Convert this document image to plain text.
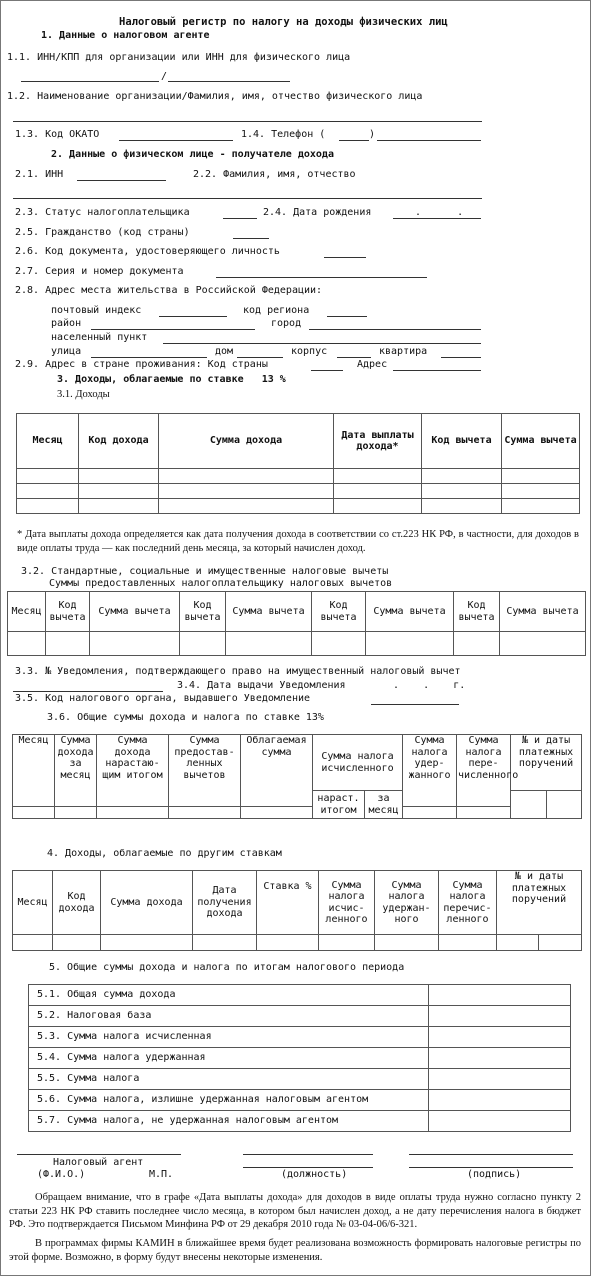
Налоговый регистр по налогу на доходы физических лиц
1. Данные о налоговом агенте
1.1. ИНН/КПП для организации или ИНН для физического лица
/
1.2. Наименование организации/Фамилия, имя, отчество физического лица
1.3. Код ОКАТО	1.4. Телефон (	)
2. Данные о физическом лице - получателе дохода
2.1. ИНН	2.2. Фамилия, имя, отчество
2.3. Статус налогоплательщика	2.4. Дата рождения	.      .
2.5. Гражданство (код страны)
2.6. Код документа, удостоверяющего личность
2.7. Серия и номер документа
2.8. Адрес места жительства в Российской Федерации:
почтовый индекс	код региона
район	город
населенный пункт
улица	дом	корпус	квартира
2.9. Адрес в стране проживания: Код страны	Адрес
3. Доходы, облагаемые по ставке   13 %
3.1. Доходы
Месяц	Код дохода	Сумма дохода	Дата выплаты дохода*	Код вычета	Сумма вычета

* Дата выплаты дохода определяется как дата получения дохода в соответствии со ст.223 НК РФ, в частности, для доходов в виде оплаты труда — как последний день месяца, за который начислен доход.
3.2. Стандартные, социальные и имущественные налоговые вычеты
Суммы предоставленных налогоплательщику налоговых вычетов
Месяц	Код вычета	Сумма вычета	Код вычета	Сумма вычета	Код вычета	Сумма вычета	Код вычета	Сумма вычета

3.3. № Уведомления, подтверждающего право на имущественный налоговый вычет
3.4. Дата выдачи Уведомления	.    .    г.
3.5. Код налогового органа, выдавшего Уведомление
3.6. Общие суммы дохода и налога по ставке 13%
Месяц	Сумма дохода за месяц	Сумма дохода нарастаю-щим итогом	Сумма предостав-ленных вычетов	Облагаемая сумма	Сумма налога исчисленного		Сумма налога удер-жанного	Сумма налога пере-численного	№ и даты платежных поручений	
					нараст. итогом	за месяц				

4. Доходы, облагаемые по другим ставкам
Месяц	Код дохода	Сумма дохода	Дата получения дохода	Ставка %	Сумма налога исчис-ленного	Сумма налога удержан-ного	Сумма налога перечис-ленного	№ и даты платежных поручений	

5. Общие суммы дохода и налога по итогам налогового периода
5.1. Общая сумма дохода	
5.2. Налоговая база	
5.3. Сумма налога исчисленная	
5.4. Сумма налога удержанная	
5.5. Сумма налога	
5.6. Сумма налога, излишне удержанная налоговым агентом	
5.7. Сумма налога, не удержанная налоговым агентом	
Налоговый агент
(Ф.И.О.)	М.П.	(должность)	(подпись)
Обращаем внимание, что в графе «Дата выплаты дохода» для доходов в виде оплаты труда нужно согласно пункту 2 статьи 223 НК РФ ставить последнее число месяца, в котором был начислен доход, а не дату перечисления налога в бюджет РФ. Это подтверждается Письмом Минфина РФ от 29 декабря 2010 года № 03-04-06/6-321.
В программах фирмы КАМИН в ближайшее время будет реализована возможность формировать налоговые регистры по этой форме. Возможно, в форму будут внесены некоторые изменения.
